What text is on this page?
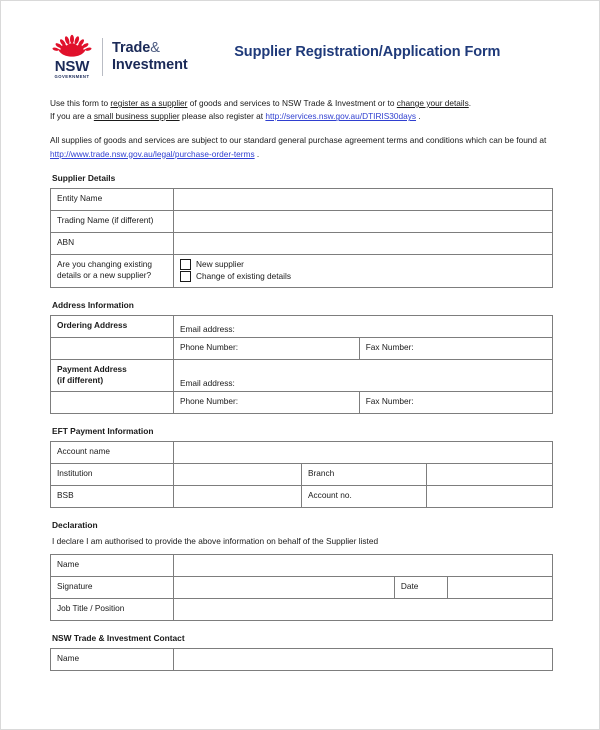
NSW
GOVERNMENT
Trade&
Investment
Supplier Registration/Application Form
Use this form to register as a supplier of goods and services to NSW Trade & Investment or to change your details.
If you are a small business supplier please also register at http://services.nsw.gov.au/DTIRIS30days .
All supplies of goods and services are subject to our standard general purchase agreement terms and conditions which can be found at http://www.trade.nsw.gov.au/legal/purchase-order-terms .
Supplier Details
Entity Name	
Trading Name (if different)	
ABN	
Are you changing existing details or a new supplier?	New supplier
Change of existing details
Address Information
Ordering Address	Email address:	

	Phone Number:	Fax Number:
Payment Address
(if different)	Email address:	

	Phone Number:	Fax Number:
EFT Payment Information
Account name			
Institution		Branch	
BSB		Account no.	
Declaration
I declare I am authorised to provide the above information on behalf of the Supplier listed
Name			
Signature		Date	
Job Title / Position			
NSW Trade & Investment Contact
Name	
